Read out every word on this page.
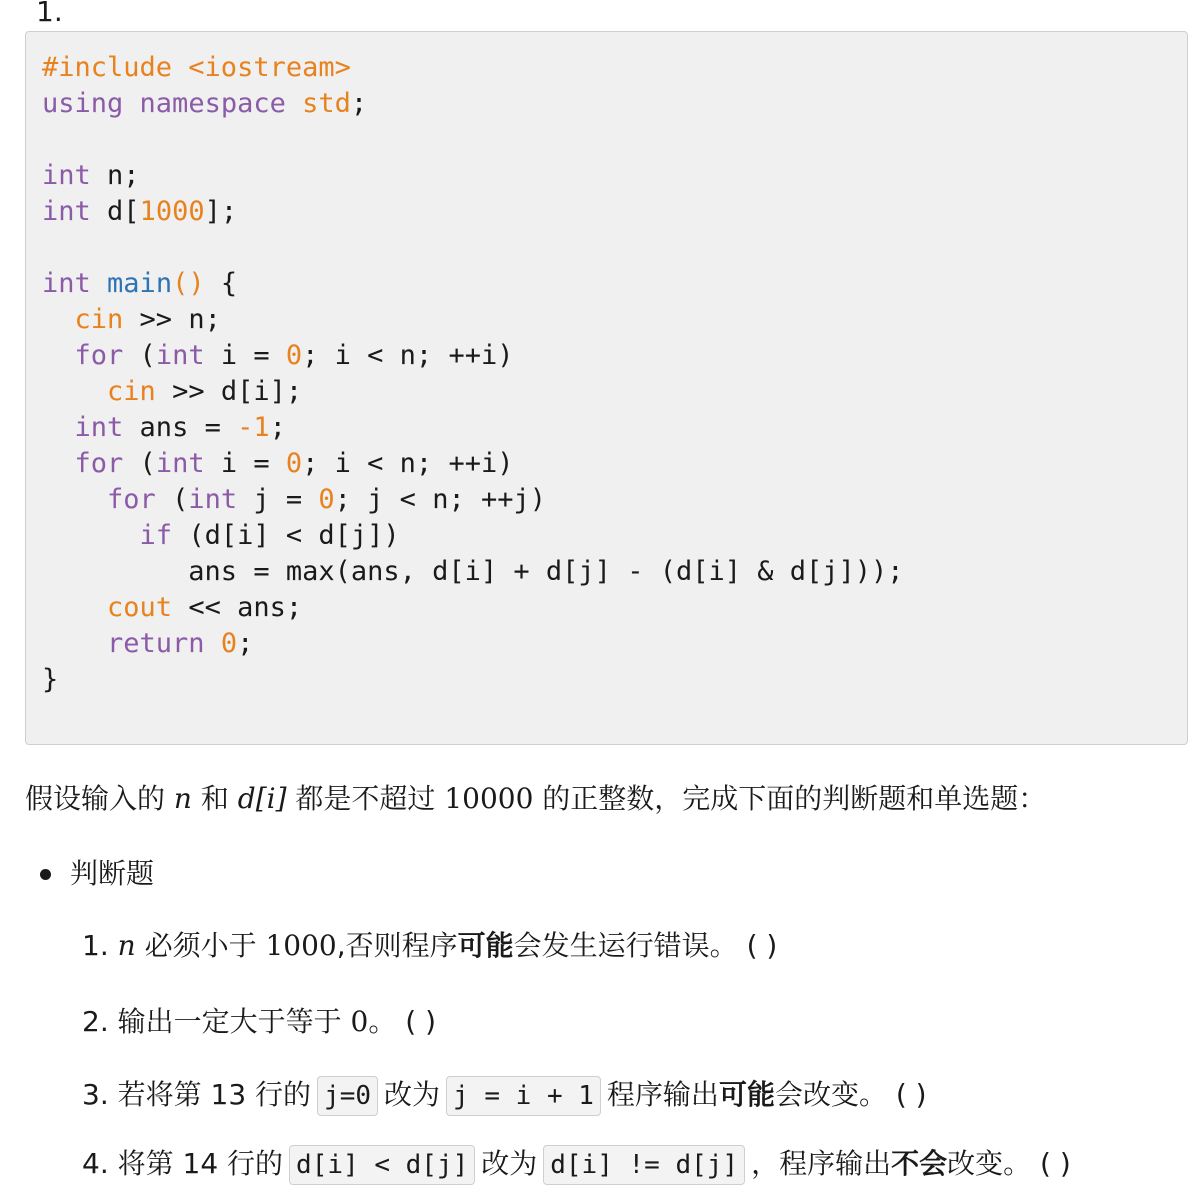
1.
#include <iostream>
using namespace std;

int n;
int d[1000];

int main() {
cin >> n;
for (int i = 0; i < n; ++i)
cin >> d[i];
int ans = -1;
for (int i = 0; i < n; ++i)
for (int j = 0; j < n; ++j)
if (d[i] < d[j])
ans = max(ans, d[i] + d[j] - (d[i] & d[j]));
cout << ans;
return 0;
}
假设输入的 n 和 d[i] 都是不超过 10000 的正整数，完成下面的判断题和单选题：
判断题
1. n 必须小于 1000,否则程序可能会发生运行错误。 ( )
2. 输出一定大于等于 0。 ( )
3. 若将第 13 行的 j=0 改为 j = i + 1 程序输出可能会改变。 ( )
4. 将第 14 行的 d[i] < d[j] 改为 d[i] != d[j] ，程序输出不会改变。 ( )
